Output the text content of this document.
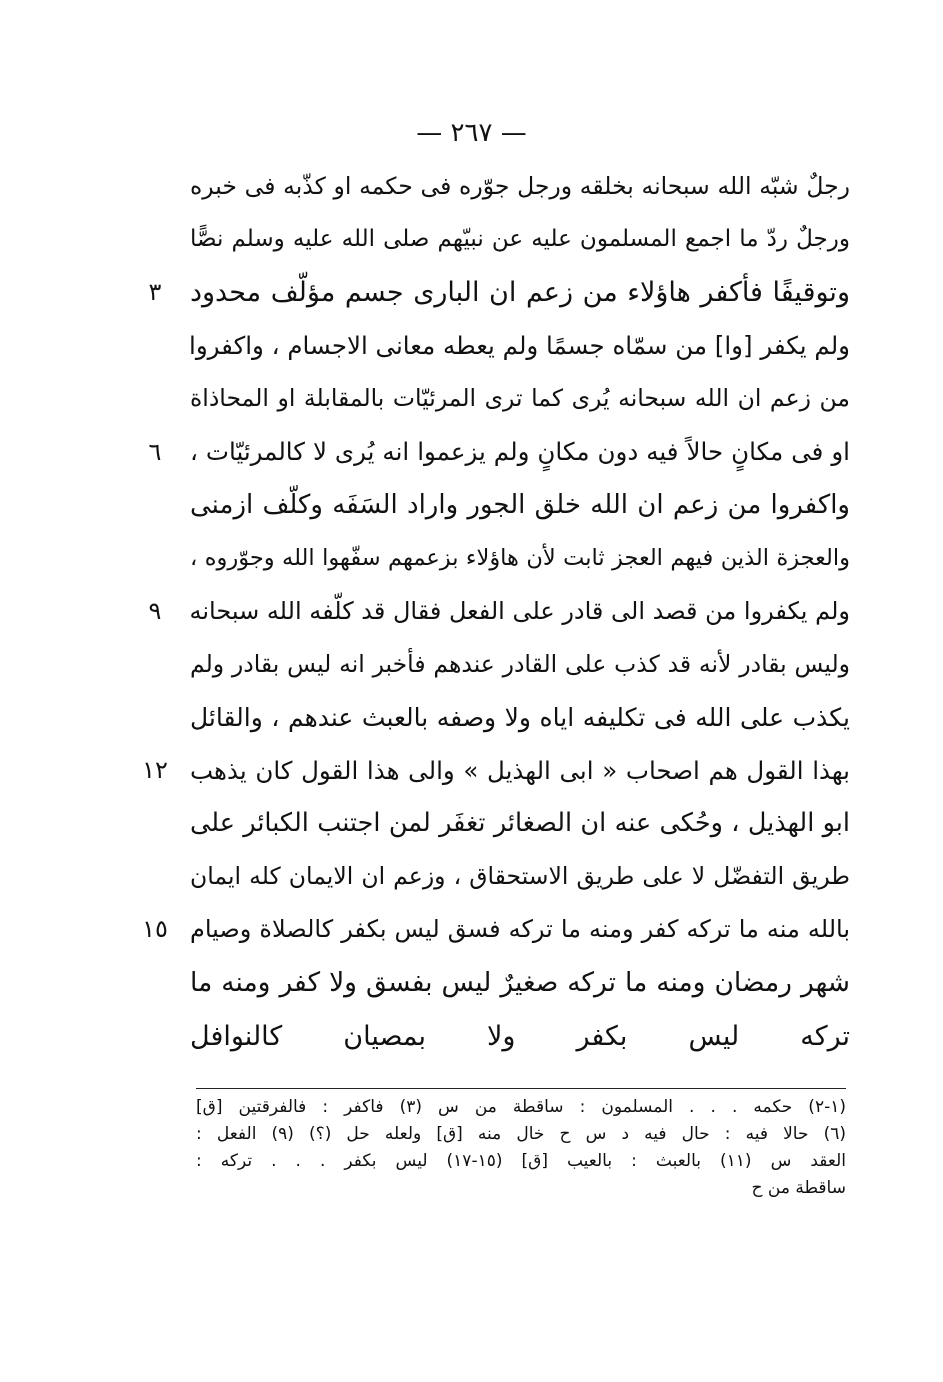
— ٢٦٧ —
رجلٌ شبّه الله سبحانه بخلقه ورجل جوّره فى حكمه او كذّبه فى خبره
ورجلٌ ردّ ما اجمع المسلمون عليه عن نبيّهم صلى الله عليه وسلم نصًّا
وتوقيفًا فأكفر هاؤلاء من زعم ان البارى جسم مؤلّف محدود
ولم يكفر [وا] من سمّاه جسمًا ولم يعطه معانى الاجسام ، واكفروا
من زعم ان الله سبحانه يُرى كما ترى المرئيّات بالمقابلة او المحاذاة
او فى مكانٍ حالاً فيه دون مكانٍ ولم يزعموا انه يُرى لا كالمرئيّات ،
واكفروا من زعم ان الله خلق الجور واراد السَفَه وكلّف ازمنى
والعجزة الذين فيهم العجز ثابت لأن هاؤلاء بزعمهم سفّهوا الله وجوّروه ،
ولم يكفروا من قصد الى قادر على الفعل فقال قد كلّفه الله سبحانه
وليس بقادر لأنه قد كذب على القادر عندهم فأخبر انه ليس بقادر ولم
يكذب على الله فى تكليفه اياه ولا وصفه بالعبث عندهم ، والقائل
بهذا القول هم اصحاب « ابى الهذيل » والى هذا القول كان يذهب
ابو الهذيل ، وحُكى عنه ان الصغائر تغفَر لمن اجتنب الكبائر على
طريق التفضّل لا على طريق الاستحقاق ، وزعم ان الايمان كله ايمان
بالله منه ما تركه كفر ومنه ما تركه فسق ليس بكفر كالصلاة وصيام
شهر رمضان ومنه ما تركه صغيرٌ ليس بفسق ولا كفر ومنه ما
تركه ليس بكفر ولا بمصيان كالنوافل
٣
٦
٩
١٢
١٥
(١-٢) حكمه . . . المسلمون : ساقطة من س (٣) فاكفر : فالفرقتين [ق]
(٦) حالا فيه : حال فيه د س ح خال منه [ق] ولعله حل (؟) (٩) الفعل :
العقد س (١١) بالعبث : بالعيب [ق] (١٥-١٧) ليس بكفر . . . تركه :
ساقطة من ح
